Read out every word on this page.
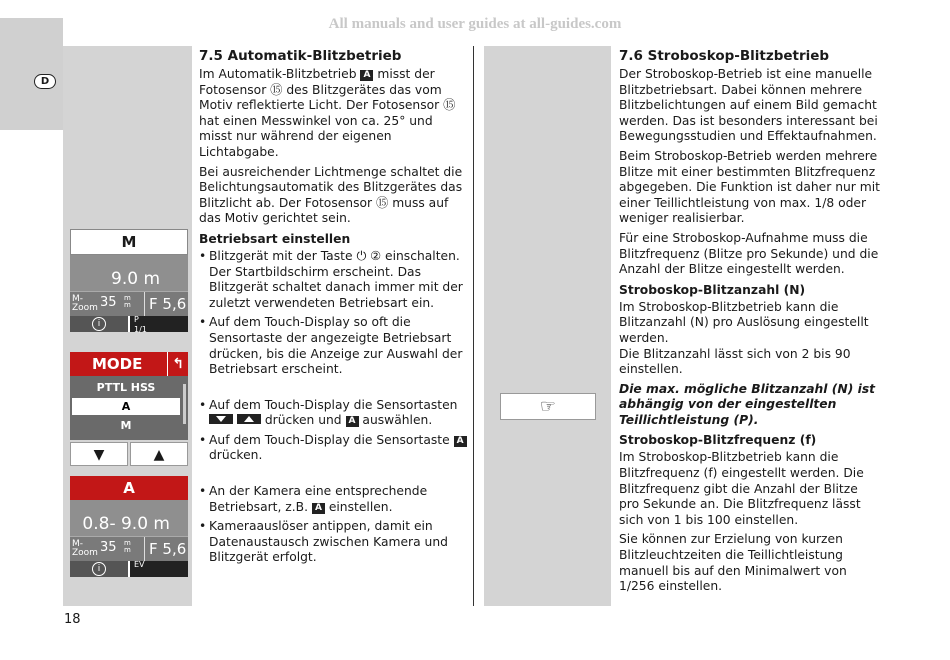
All manuals and user guides at all-guides.com
D
M
9.0 m
M-
Zoom 35 m
m	F 5,6
i	P
1/1
MODE	↰
PTTL HSS
A
M
▼	▲
A
0.8- 9.0 m
M-
Zoom 35 m
m	F 5,6
i	EV
7.5 Automatik-Blitzbetrieb

Im Automatik-Blitzbetrieb A misst der Fotosensor ⑮ des Blitzgerätes das vom Motiv reflektierte Licht. Der Fotosensor ⑮ hat einen Messwinkel von ca. 25° und misst nur während der eigenen Lichtabgabe.

Bei ausreichender Lichtmenge schaltet die Belichtungsautomatik des Blitzgerätes das Blitzlicht ab. Der Fotosensor ⑮ muss auf das Motiv gerichtet sein.

Betriebsart einstellen
• Blitzgerät mit der Taste ⏻ ② einschalten. Der Startbildschirm erscheint. Das Blitzgerät schaltet danach immer mit der zuletzt verwendeten Betriebsart ein.
• Auf dem Touch-Display so oft die Sensortaste der angezeigte Betriebsart drücken, bis die Anzeige zur Auswahl der Betriebsart erscheint.
• Auf dem Touch-Display die Sensortasten   drücken und A auswählen.
• Auf dem Touch-Display die Sensortaste A drücken.
• An der Kamera eine entsprechende Betriebsart, z.B. A einstellen.
• Kameraauslöser antippen, damit ein Datenaustausch zwischen Kamera und Blitzgerät erfolgt.
☞
7.6 Stroboskop-Blitzbetrieb

Der Stroboskop-Betrieb ist eine manuelle Blitzbetriebsart. Dabei können mehrere Blitzbelichtungen auf einem Bild gemacht werden. Das ist besonders interessant bei Bewegungsstudien und Effektaufnahmen.

Beim Stroboskop-Betrieb werden mehrere Blitze mit einer bestimmten Blitzfrequenz abgegeben. Die Funktion ist daher nur mit einer Teillichtleistung von max. 1/8 oder weniger realisierbar.

Für eine Stroboskop-Aufnahme muss die Blitzfrequenz (Blitze pro Sekunde) und die Anzahl der Blitze eingestellt werden.

Stroboskop-Blitzanzahl (N)

Im Stroboskop-Blitzbetrieb kann die Blitzanzahl (N) pro Auslösung eingestellt werden.

Die Blitzanzahl lässt sich von 2 bis 90 einstellen.

Die max. mögliche Blitzanzahl (N) ist abhängig von der eingestellten Teillichtleistung (P).

Stroboskop-Blitzfrequenz (f)

Im Stroboskop-Blitzbetrieb kann die Blitzfrequenz (f) eingestellt werden. Die Blitzfrequenz gibt die Anzahl der Blitze pro Sekunde an. Die Blitzfrequenz lässt sich von 1 bis 100 einstellen.

Sie können zur Erzielung von kurzen Blitzleuchtzeiten die Teillichtleistung manuell bis auf den Minimalwert von 1/256 einstellen.

18
